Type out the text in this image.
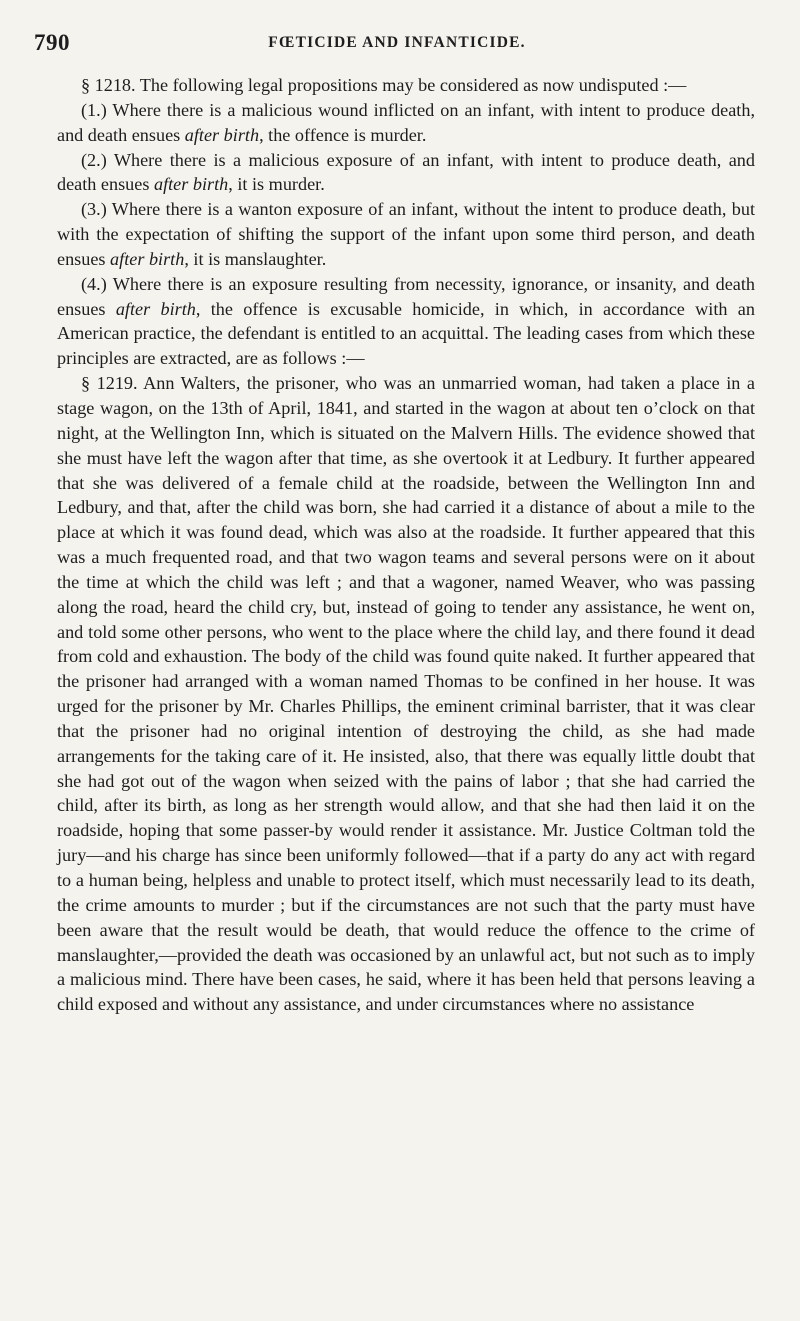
790	FŒTICIDE AND INFANTICIDE.

§ 1218. The following legal propositions may be considered as now undisputed :—

(1.) Where there is a malicious wound inflicted on an infant, with intent to produce death, and death ensues after birth, the offence is murder.

(2.) Where there is a malicious exposure of an infant, with intent to produce death, and death ensues after birth, it is murder.

(3.) Where there is a wanton exposure of an infant, without the intent to produce death, but with the expectation of shifting the support of the infant upon some third person, and death ensues after birth, it is manslaughter.

(4.) Where there is an exposure resulting from necessity, ignorance, or insanity, and death ensues after birth, the offence is excusable homicide, in which, in accordance with an American practice, the defendant is entitled to an acquittal. The leading cases from which these principles are extracted, are as follows :—

§ 1219. Ann Walters, the prisoner, who was an unmarried woman, had taken a place in a stage wagon, on the 13th of April, 1841, and started in the wagon at about ten o’clock on that night, at the Wellington Inn, which is situated on the Malvern Hills. The evidence showed that she must have left the wagon after that time, as she overtook it at Ledbury. It further appeared that she was delivered of a female child at the roadside, between the Wellington Inn and Ledbury, and that, after the child was born, she had carried it a distance of about a mile to the place at which it was found dead, which was also at the roadside. It further appeared that this was a much frequented road, and that two wagon teams and several persons were on it about the time at which the child was left ; and that a wagoner, named Weaver, who was passing along the road, heard the child cry, but, instead of going to tender any assistance, he went on, and told some other persons, who went to the place where the child lay, and there found it dead from cold and exhaustion. The body of the child was found quite naked. It further appeared that the prisoner had arranged with a woman named Thomas to be confined in her house. It was urged for the prisoner by Mr. Charles Phillips, the eminent criminal barrister, that it was clear that the prisoner had no original intention of destroying the child, as she had made arrangements for the taking care of it. He insisted, also, that there was equally little doubt that she had got out of the wagon when seized with the pains of labor ; that she had carried the child, after its birth, as long as her strength would allow, and that she had then laid it on the roadside, hoping that some passer-by would render it assistance. Mr. Justice Coltman told the jury—and his charge has since been uniformly followed—that if a party do any act with regard to a human being, helpless and unable to protect itself, which must necessarily lead to its death, the crime amounts to murder ; but if the circumstances are not such that the party must have been aware that the result would be death, that would reduce the offence to the crime of manslaughter,—provided the death was occasioned by an unlawful act, but not such as to imply a malicious mind. There have been cases, he said, where it has been held that persons leaving a child exposed and without any assistance, and under circumstances where no assistance
